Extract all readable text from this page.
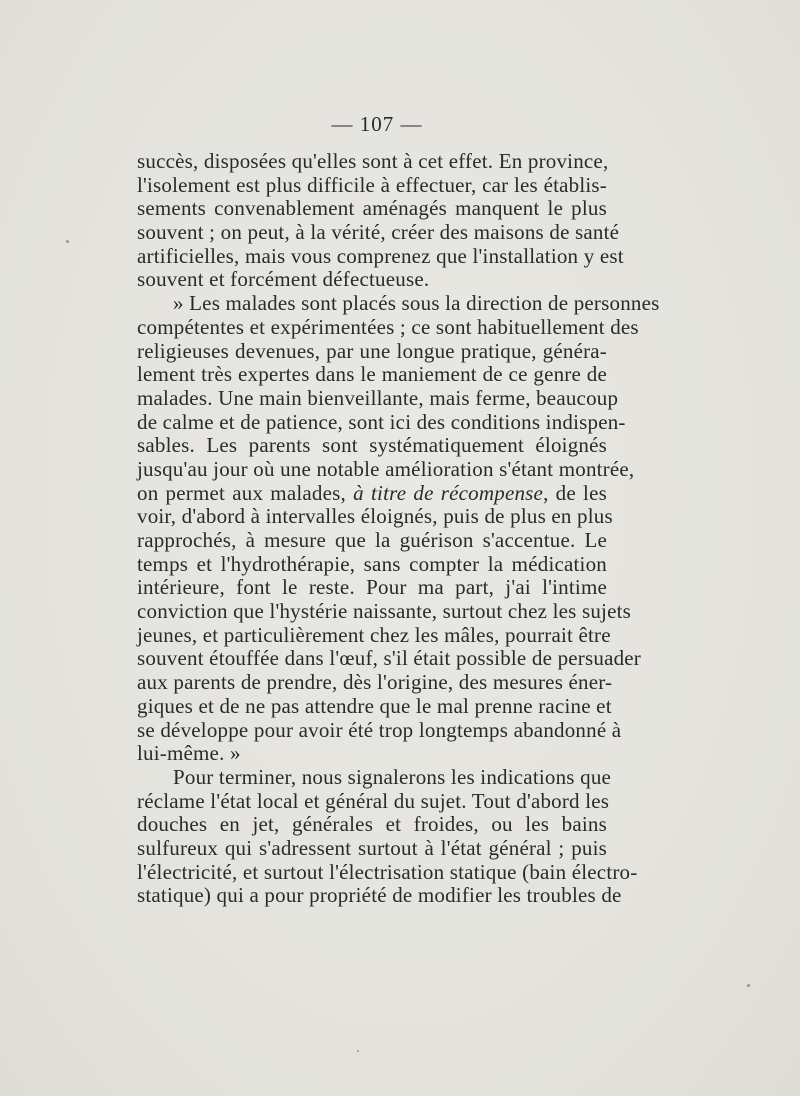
— 107 —
succès, disposées qu'elles sont à cet effet. En province,
l'isolement est plus difficile à effectuer, car les établis-
sements convenablement aménagés manquent le plus
souvent ; on peut, à la vérité, créer des maisons de santé
artificielles, mais vous comprenez que l'installation y est
souvent et forcément défectueuse.
» Les malades sont placés sous la direction de personnes
compétentes et expérimentées ; ce sont habituellement des
religieuses devenues, par une longue pratique, généra-
lement très expertes dans le maniement de ce genre de
malades. Une main bienveillante, mais ferme, beaucoup
de calme et de patience, sont ici des conditions indispen-
sables. Les parents sont systématiquement éloignés
jusqu'au jour où une notable amélioration s'étant montrée,
on permet aux malades, à titre de récompense, de les
voir, d'abord à intervalles éloignés, puis de plus en plus
rapprochés, à mesure que la guérison s'accentue. Le
temps et l'hydrothérapie, sans compter la médication
intérieure, font le reste. Pour ma part, j'ai l'intime
conviction que l'hystérie naissante, surtout chez les sujets
jeunes, et particulièrement chez les mâles, pourrait être
souvent étouffée dans l'œuf, s'il était possible de persuader
aux parents de prendre, dès l'origine, des mesures éner-
giques et de ne pas attendre que le mal prenne racine et
se développe pour avoir été trop longtemps abandonné à
lui-même. »
Pour terminer, nous signalerons les indications que
réclame l'état local et général du sujet. Tout d'abord les
douches en jet, générales et froides, ou les bains
sulfureux qui s'adressent surtout à l'état général ; puis
l'électricité, et surtout l'électrisation statique (bain électro-
statique) qui a pour propriété de modifier les troubles de
